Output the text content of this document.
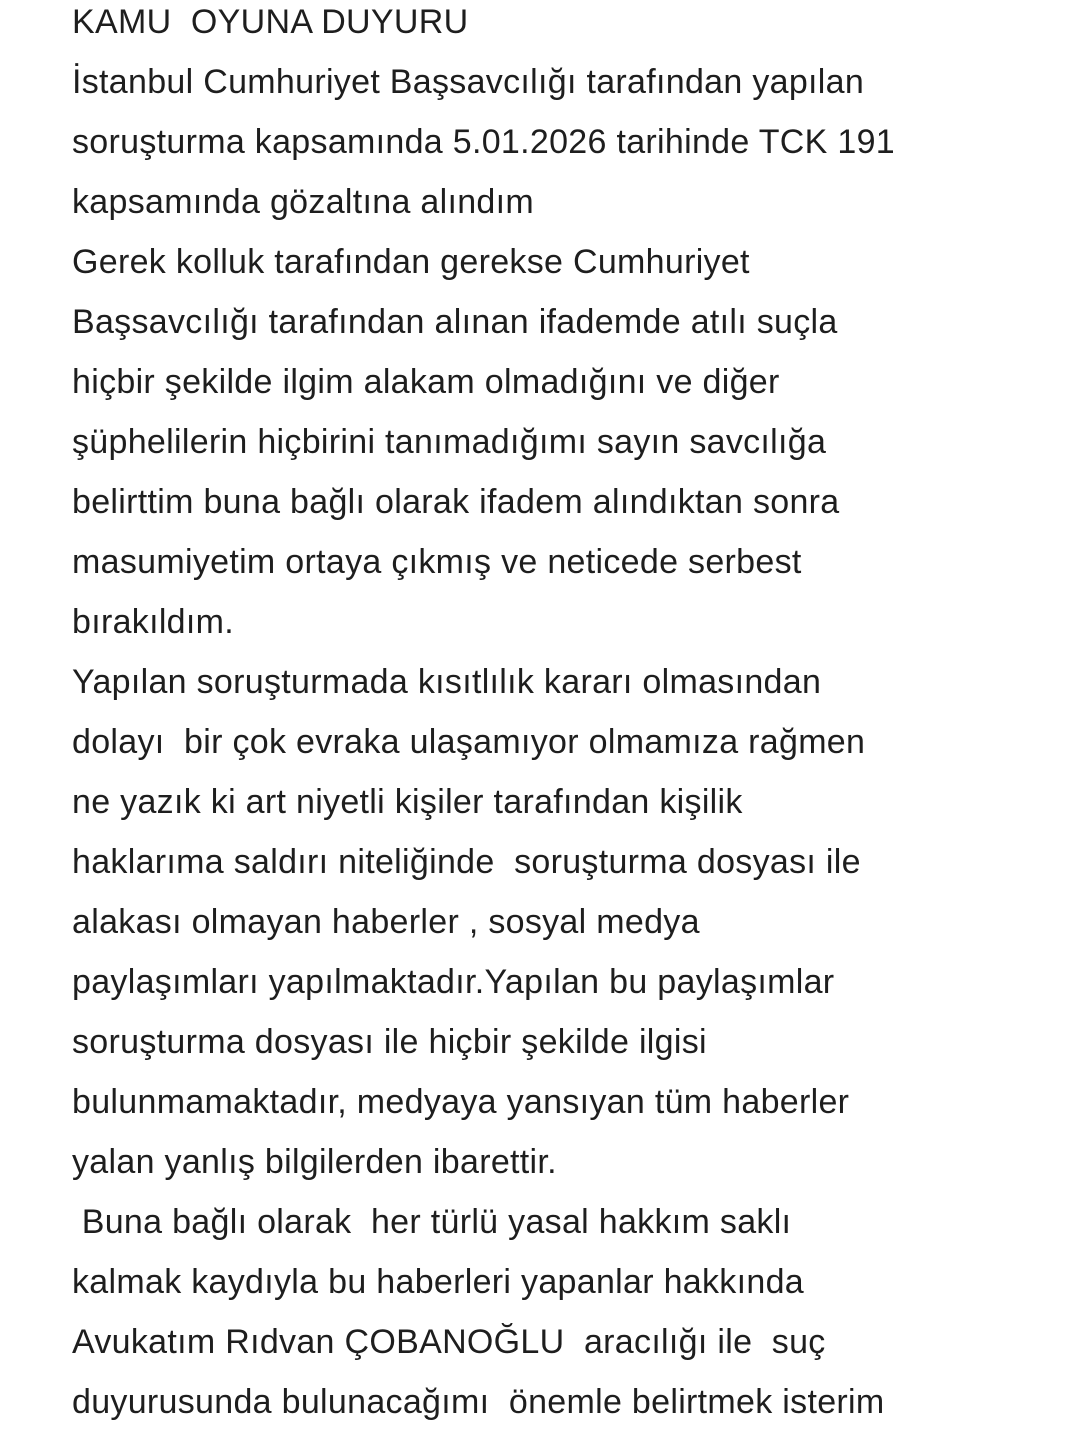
KAMU  OYUNA DUYURU
İstanbul Cumhuriyet Başsavcılığı tarafından yapılan
soruşturma kapsamında 5.01.2026 tarihinde TCK 191
kapsamında gözaltına alındım
Gerek kolluk tarafından gerekse Cumhuriyet
Başsavcılığı tarafından alınan ifademde atılı suçla
hiçbir şekilde ilgim alakam olmadığını ve diğer
şüphelilerin hiçbirini tanımadığımı sayın savcılığa
belirttim buna bağlı olarak ifadem alındıktan sonra
masumiyetim ortaya çıkmış ve neticede serbest
bırakıldım.
Yapılan soruşturmada kısıtlılık kararı olmasından
dolayı  bir çok evraka ulaşamıyor olmamıza rağmen
ne yazık ki art niyetli kişiler tarafından kişilik
haklarıma saldırı niteliğinde  soruşturma dosyası ile
alakası olmayan haberler , sosyal medya
paylaşımları yapılmaktadır.Yapılan bu paylaşımlar
soruşturma dosyası ile hiçbir şekilde ilgisi
bulunmamaktadır, medyaya yansıyan tüm haberler
yalan yanlış bilgilerden ibarettir.
Buna bağlı olarak  her türlü yasal hakkım saklı
kalmak kaydıyla bu haberleri yapanlar hakkında
Avukatım Rıdvan ÇOBANOĞLU  aracılığı ile  suç
duyurusunda bulunacağımı  önemle belirtmek isterim
